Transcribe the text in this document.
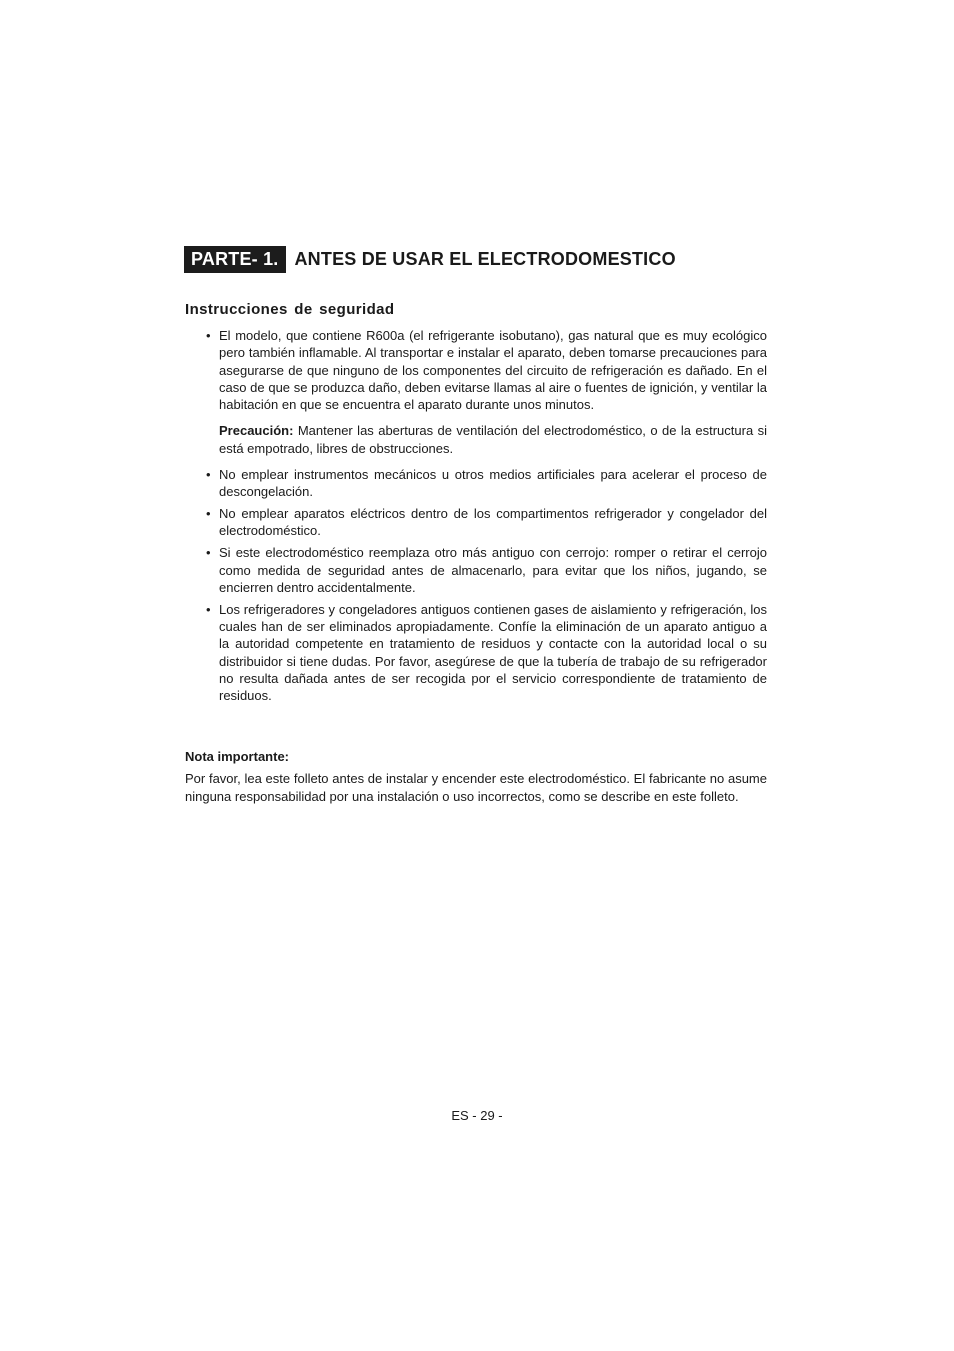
PARTE- 1. ANTES DE USAR EL ELECTRODOMESTICO
Instrucciones de seguridad
• El modelo, que contiene R600a (el refrigerante isobutano), gas natural que es muy ecológico pero también inflamable. Al transportar e instalar el aparato, deben tomarse precauciones para asegurarse de que ninguno de los componentes del circuito de refrigeración es dañado. En el caso de que se produzca daño, deben evitarse llamas al aire o fuentes de ignición, y ventilar la habitación en que se encuentra el aparato durante unos minutos.
Precaución: Mantener las aberturas de ventilación del electrodoméstico, o de la estructura si está empotrado, libres de obstrucciones.
• No emplear instrumentos mecánicos u otros medios artificiales para acelerar el proceso de descongelación.
• No emplear aparatos eléctricos dentro de los compartimentos refrigerador y congelador del electrodoméstico.
• Si este electrodoméstico reemplaza otro más antiguo con cerrojo: romper o retirar el cerrojo como medida de seguridad antes de almacenarlo, para evitar que los niños, jugando, se encierren dentro accidentalmente.
• Los refrigeradores y congeladores antiguos contienen gases de aislamiento y refrigeración, los cuales han de ser eliminados apropiadamente. Confíe la eliminación de un aparato antiguo a la autoridad competente en tratamiento de residuos y contacte con la autoridad local o su distribuidor si tiene dudas. Por favor, asegúrese de que la tubería de trabajo de su refrigerador no resulta dañada antes de ser recogida por el servicio correspondiente de tratamiento de residuos.
Nota importante:

Por favor, lea este folleto antes de instalar y encender este electrodoméstico. El fabricante no asume ninguna responsabilidad por una instalación o uso incorrectos, como se describe en este folleto.

ES - 29 -
